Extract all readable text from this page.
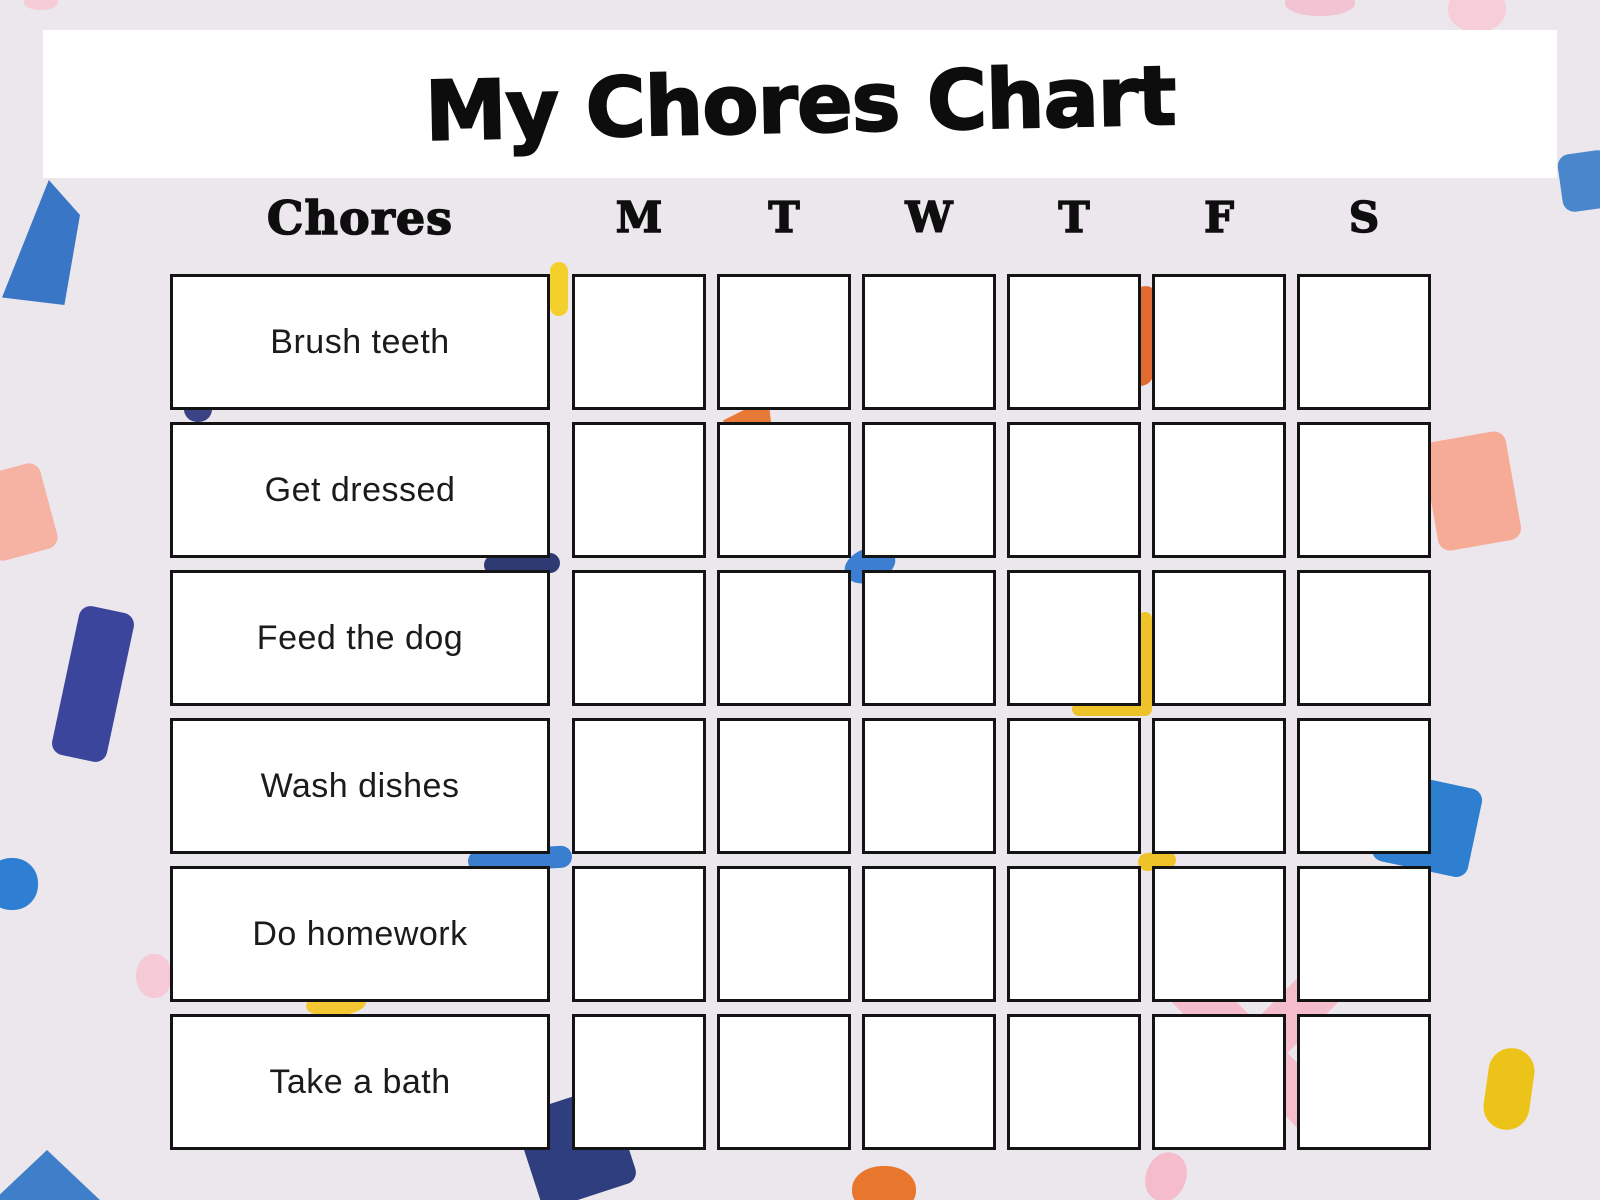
My Chores Chart
Chores	M	T	W	T	F	S
Brush teeth
Get dressed
Feed the dog
Wash dishes
Do homework
Take a bath
